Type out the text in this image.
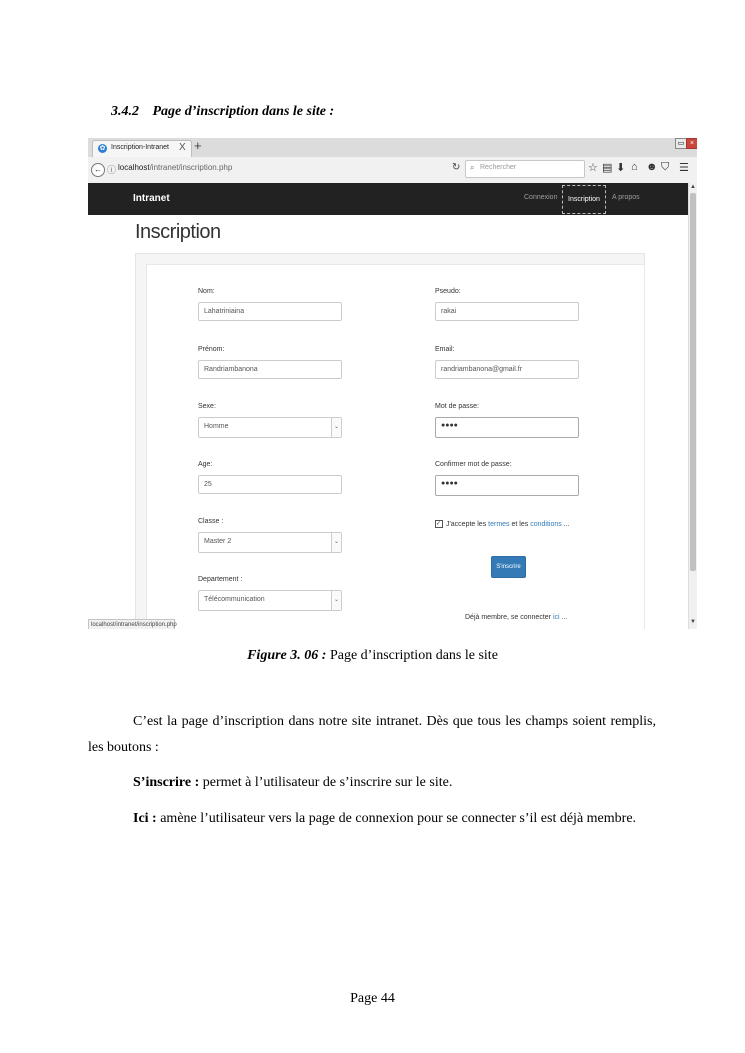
3.4.2 Page d’inscription dans le site :
✿ Inscription-Intranet X +	▭ ×
← ⓘ localhost/intranet/inscription.php	↻ ⌕ Rechercher	☆ ▤ ⬇ ⌂ ☻ ⛉ ☰
Intranet	Connexion	Inscription	A propos
▲
▼
Inscription
Nom:
Lahatriniaina
Prénom:
Randriambanona
Sexe:
Homme	⌄
Age:
25
Classe :
Master 2	⌄
Departement :
Télécommunication	⌄
Pseudo:
rakai
Email:
randriambanona@gmail.fr
Mot de passe:
●●●●
Confirmer mot de passe:
●●●●
✓ J'accepte les termes et les conditions ...
S'inscrire
Déjà membre, se connecter ici ...
localhost/intranet/inscription.php
Figure 3. 06 : Page d’inscription dans le site
C’est la page d’inscription dans notre site intranet. Dès que tous les champs soient remplis, les boutons :
S’inscrire : permet à l’utilisateur de s’inscrire sur le site.
Ici : amène l’utilisateur vers la page de connexion pour se connecter s’il est déjà membre.
Page 44
